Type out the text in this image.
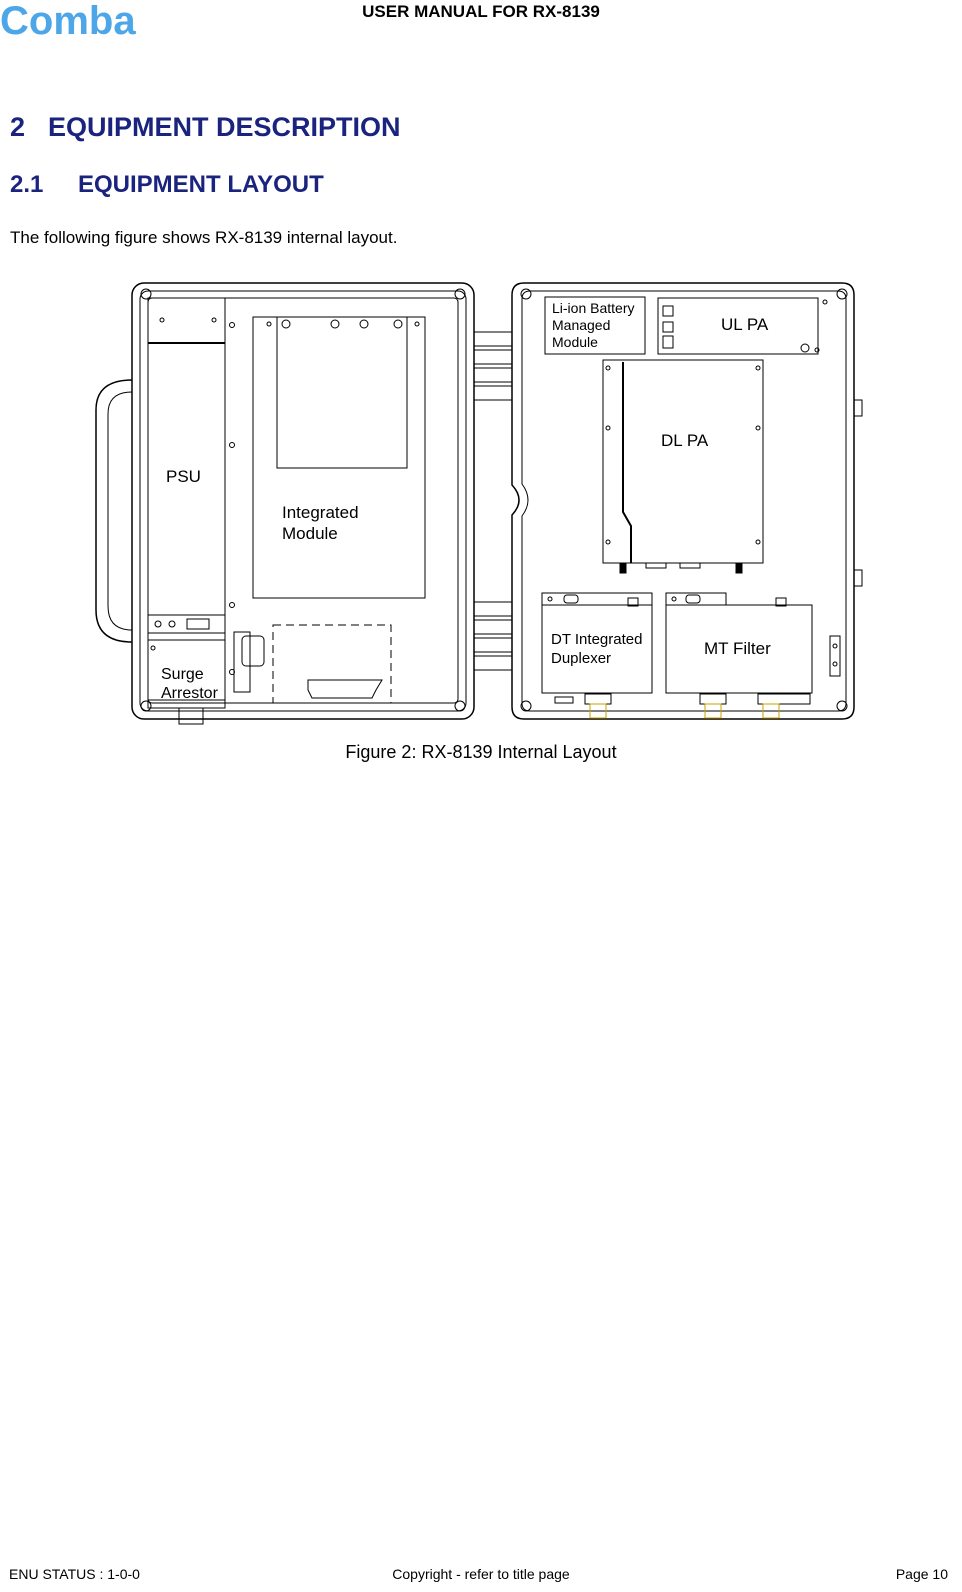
Comba	USER MANUAL FOR RX-8139
2 EQUIPMENT DESCRIPTION
2.1 EQUIPMENT LAYOUT
The following figure shows RX-8139 internal layout.
PSU
Integrated
Module
Surge
Arrestor
Li-ion Battery
Managed
Module
UL PA
DL PA
DT Integrated
Duplexer
MT Filter
Figure 2: RX-8139 Internal Layout
ENU STATUS : 1-0-0	Copyright - refer to title page	Page 10
